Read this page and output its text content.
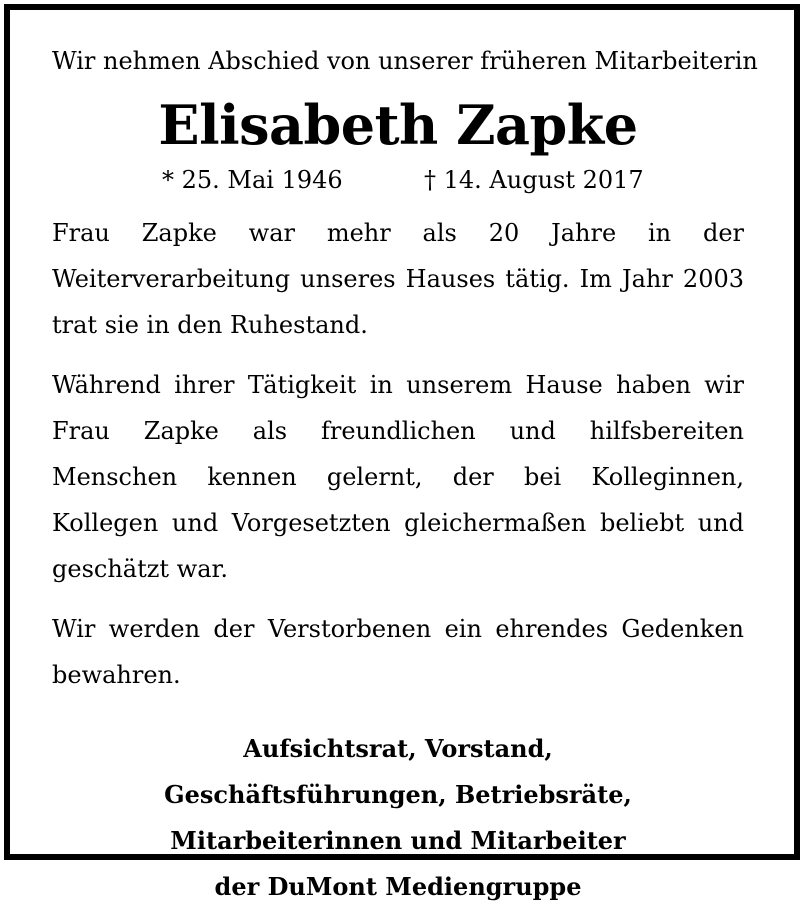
Wir nehmen Abschied von unserer früheren Mitarbeiterin

Elisabeth Zapke
* 25. Mai 1946	† 14. August 2017

Frau Zapke war mehr als 20 Jahre in der Weiterverarbeitung unseres Hauses tätig. Im Jahr 2003 trat sie in den Ruhestand.

Während ihrer Tätigkeit in unserem Hause haben wir Frau Zapke als freundlichen und hilfsbereiten Menschen kennen gelernt, der bei Kolleginnen, Kollegen und Vorgesetzten gleichermaßen beliebt und geschätzt war.

Wir werden der Verstorbenen ein ehrendes Gedenken bewahren.

Aufsichtsrat, Vorstand,
Geschäftsführungen, Betriebsräte,
Mitarbeiterinnen und Mitarbeiter
der DuMont Mediengruppe
